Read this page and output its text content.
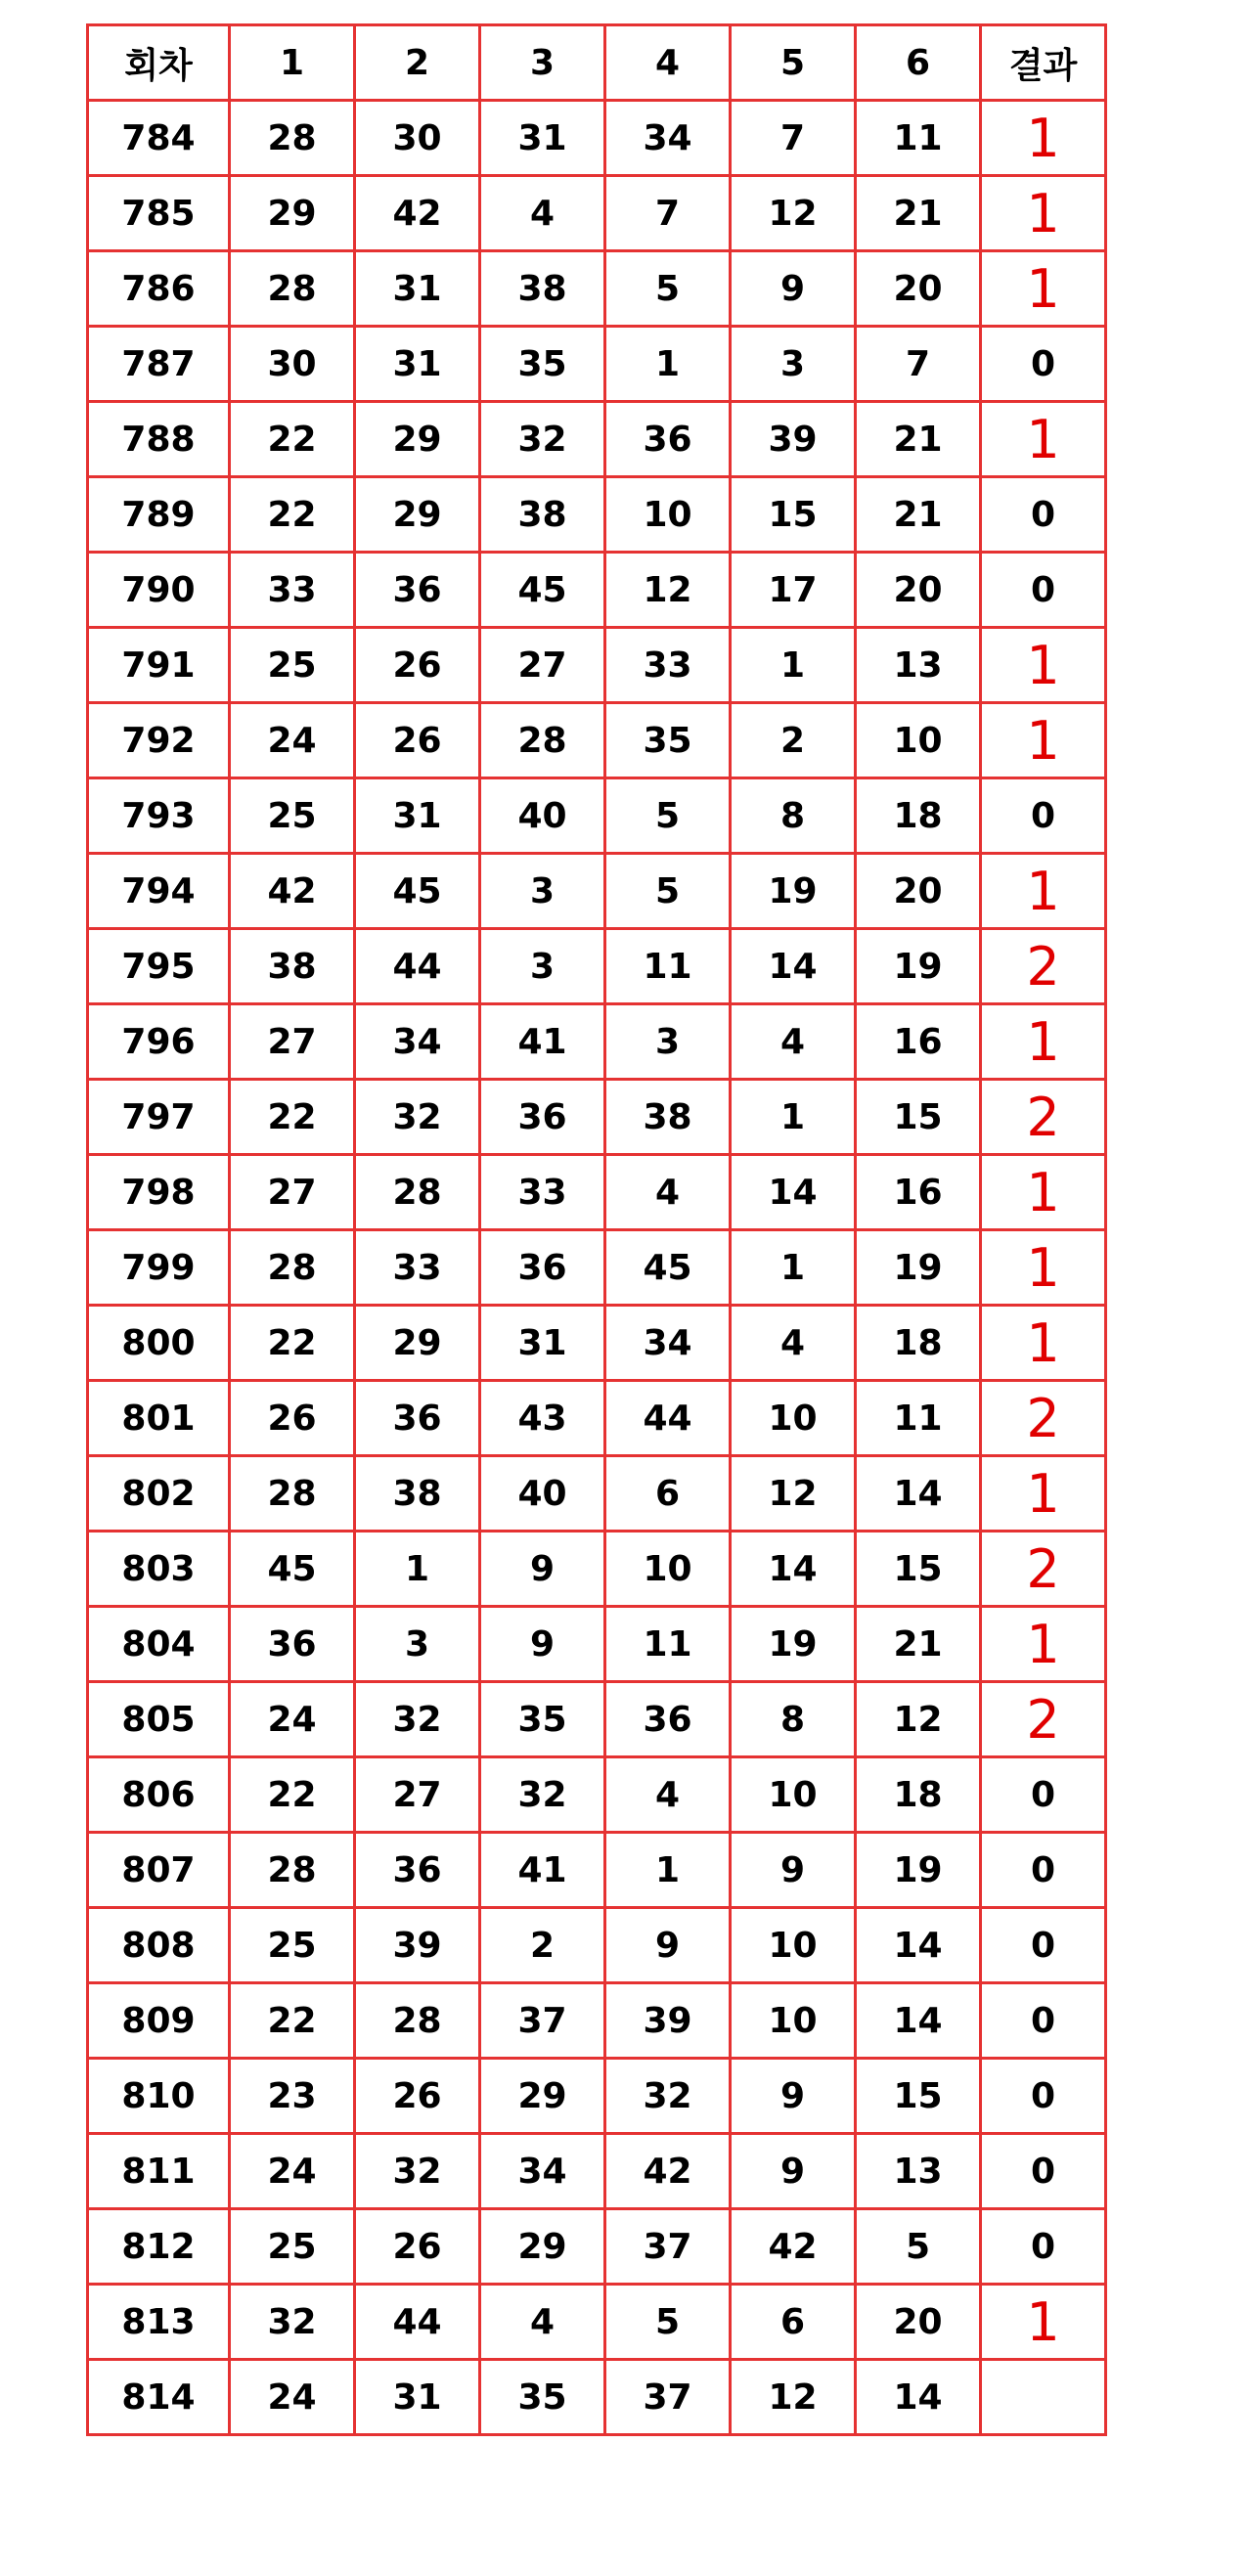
회차	1	2	3	4	5	6	결과
784	28	30	31	34	7	11	1
785	29	42	4	7	12	21	1
786	28	31	38	5	9	20	1
787	30	31	35	1	3	7	0
788	22	29	32	36	39	21	1
789	22	29	38	10	15	21	0
790	33	36	45	12	17	20	0
791	25	26	27	33	1	13	1
792	24	26	28	35	2	10	1
793	25	31	40	5	8	18	0
794	42	45	3	5	19	20	1
795	38	44	3	11	14	19	2
796	27	34	41	3	4	16	1
797	22	32	36	38	1	15	2
798	27	28	33	4	14	16	1
799	28	33	36	45	1	19	1
800	22	29	31	34	4	18	1
801	26	36	43	44	10	11	2
802	28	38	40	6	12	14	1
803	45	1	9	10	14	15	2
804	36	3	9	11	19	21	1
805	24	32	35	36	8	12	2
806	22	27	32	4	10	18	0
807	28	36	41	1	9	19	0
808	25	39	2	9	10	14	0
809	22	28	37	39	10	14	0
810	23	26	29	32	9	15	0
811	24	32	34	42	9	13	0
812	25	26	29	37	42	5	0
813	32	44	4	5	6	20	1
814	24	31	35	37	12	14	
